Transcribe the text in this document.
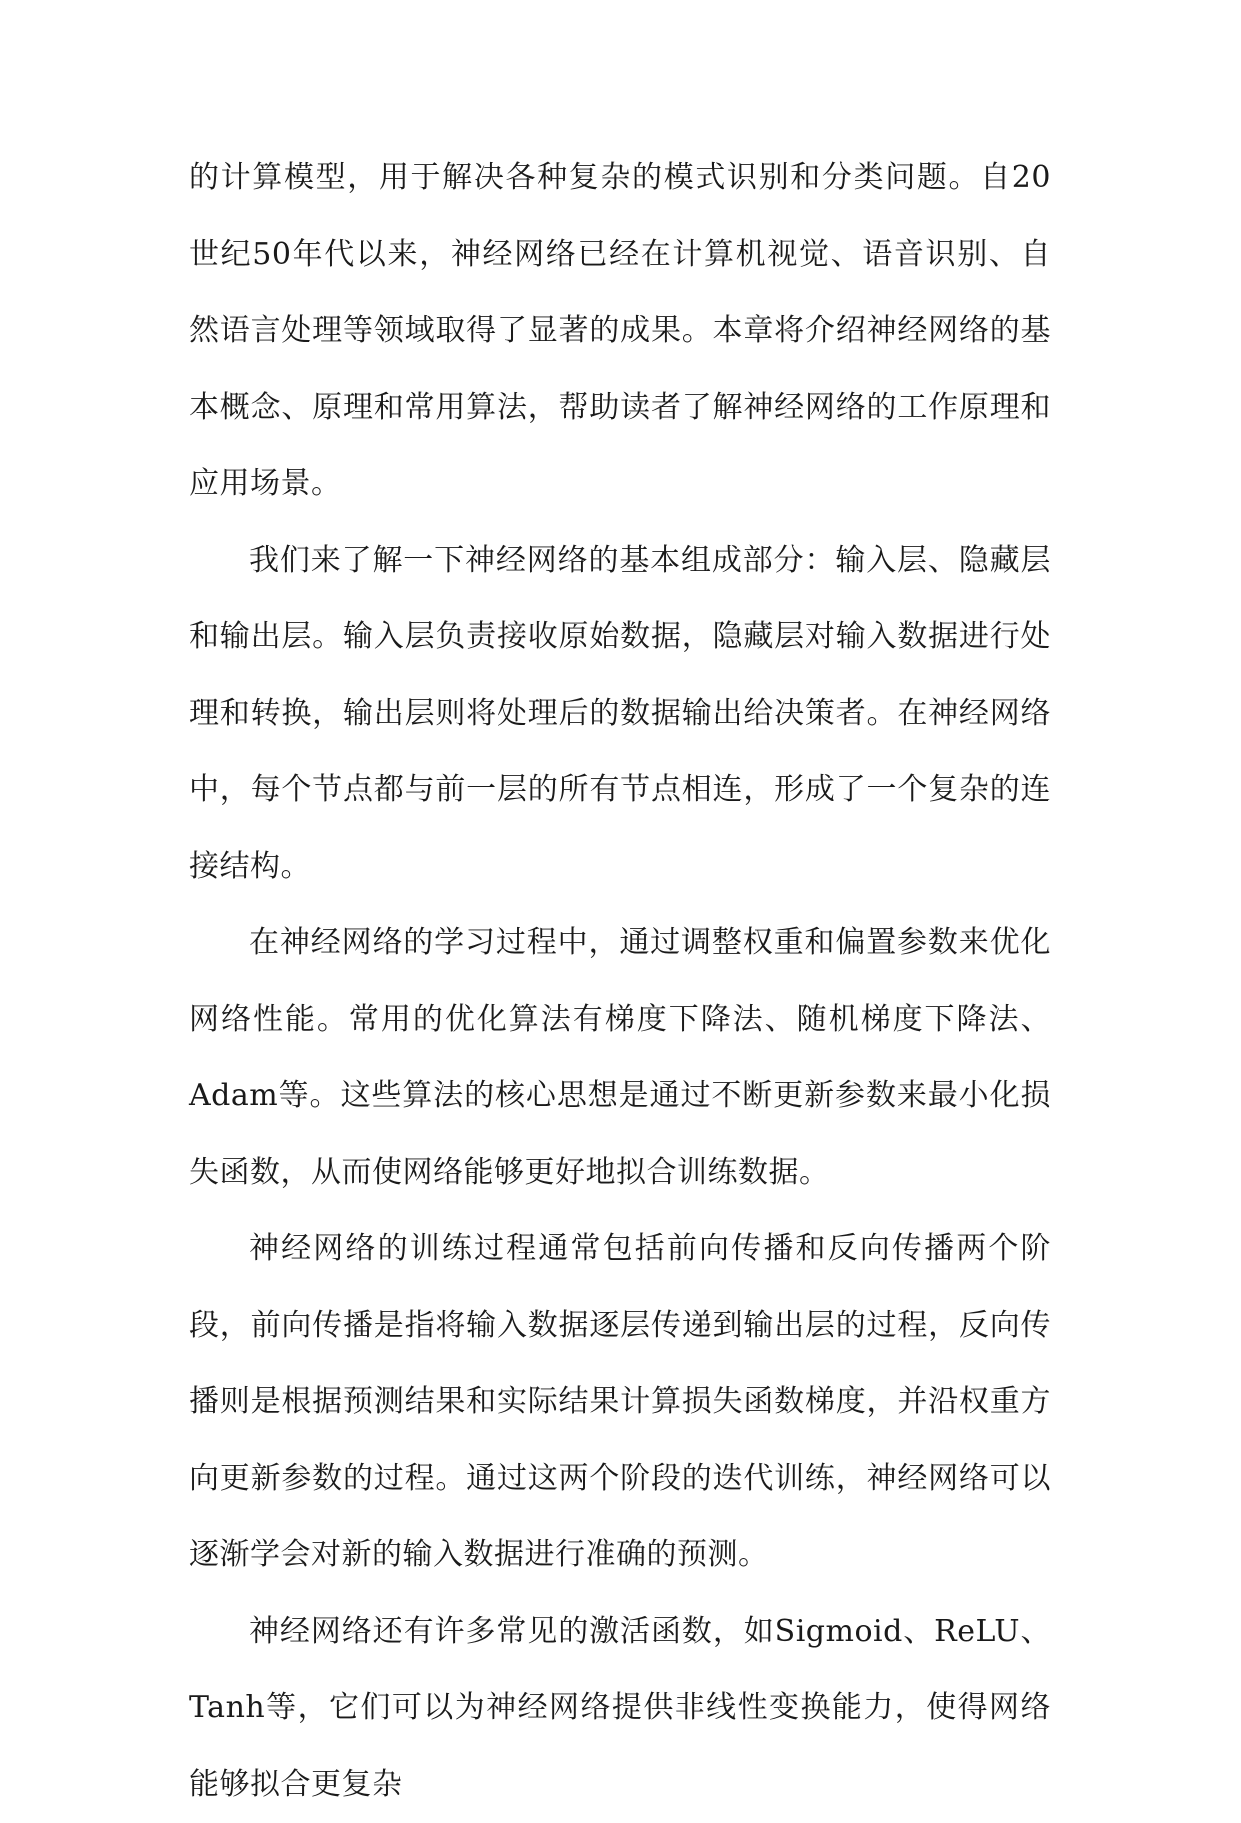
的计算模型，用于解决各种复杂的模式识别和分类问题。自20世纪50年代以来，神经网络已经在计算机视觉、语音识别、自然语言处理等领域取得了显著的成果。本章将介绍神经网络的基本概念、原理和常用算法，帮助读者了解神经网络的工作原理和应用场景。

我们来了解一下神经网络的基本组成部分：输入层、隐藏层和输出层。输入层负责接收原始数据，隐藏层对输入数据进行处理和转换，输出层则将处理后的数据输出给决策者。在神经网络中，每个节点都与前一层的所有节点相连，形成了一个复杂的连接结构。

在神经网络的学习过程中，通过调整权重和偏置参数来优化网络性能。常用的优化算法有梯度下降法、随机梯度下降法、Adam等。这些算法的核心思想是通过不断更新参数来最小化损失函数，从而使网络能够更好地拟合训练数据。

神经网络的训练过程通常包括前向传播和反向传播两个阶段，前向传播是指将输入数据逐层传递到输出层的过程，反向传播则是根据预测结果和实际结果计算损失函数梯度，并沿权重方向更新参数的过程。通过这两个阶段的迭代训练，神经网络可以逐渐学会对新的输入数据进行准确的预测。

神经网络还有许多常见的激活函数，如Sigmoid、ReLU、Tanh等，它们可以为神经网络提供非线性变换能力，使得网络能够拟合更复杂
